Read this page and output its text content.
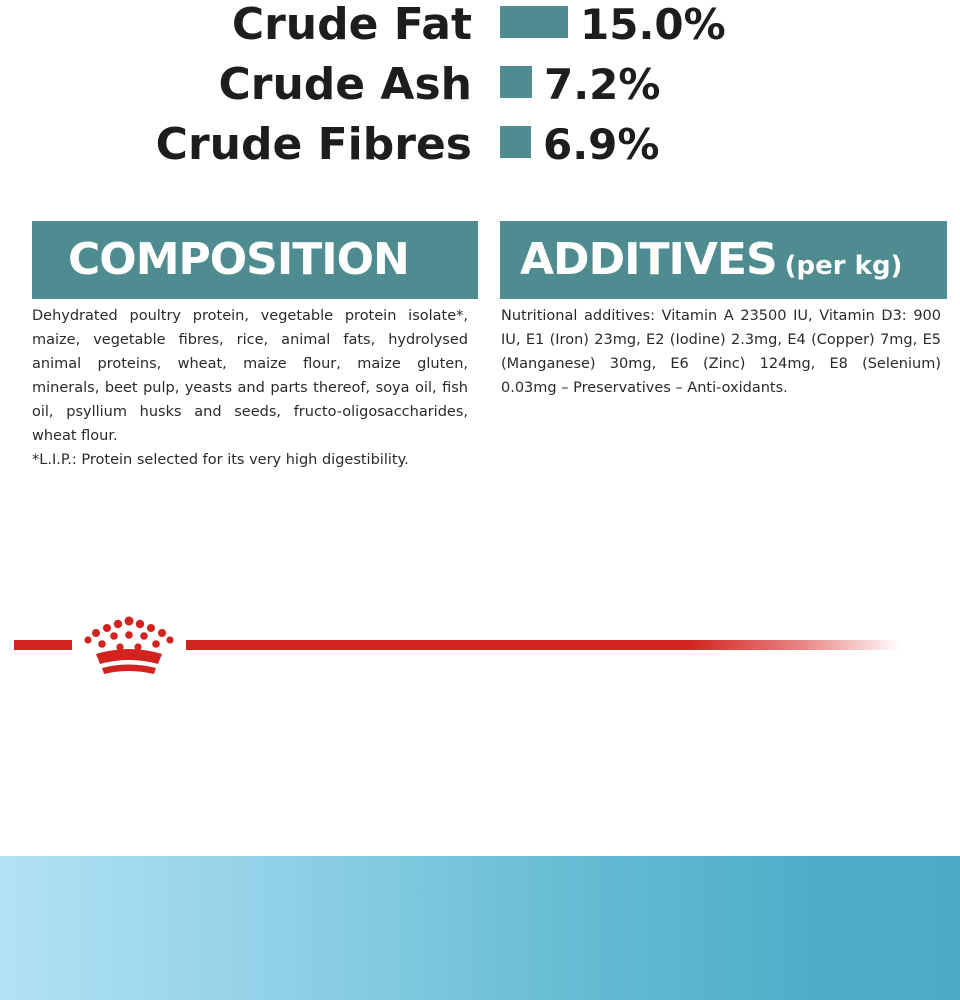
Crude Fat	15.0%
Crude Ash 7.2%
Crude Fibres 6.9%
COMPOSITION
Dehydrated poultry protein, vegetable protein isolate*, maize, vegetable fibres, rice, animal fats, hydrolysed animal proteins, wheat, maize flour, maize gluten, minerals, beet pulp, yeasts and parts thereof, soya oil, fish oil, psyllium husks and seeds, fructo-oligosaccharides, wheat flour.
*L.I.P.: Protein selected for its very high digestibility.
ADDITIVES (per kg)
Nutritional additives: Vitamin A 23500 IU, Vitamin D3: 900 IU, E1 (Iron) 23mg, E2 (Iodine) 2.3mg, E4 (Copper) 7mg, E5 (Manganese) 30mg, E6 (Zinc) 124mg, E8 (Selenium) 0.03mg – Preservatives – Anti-oxidants.
